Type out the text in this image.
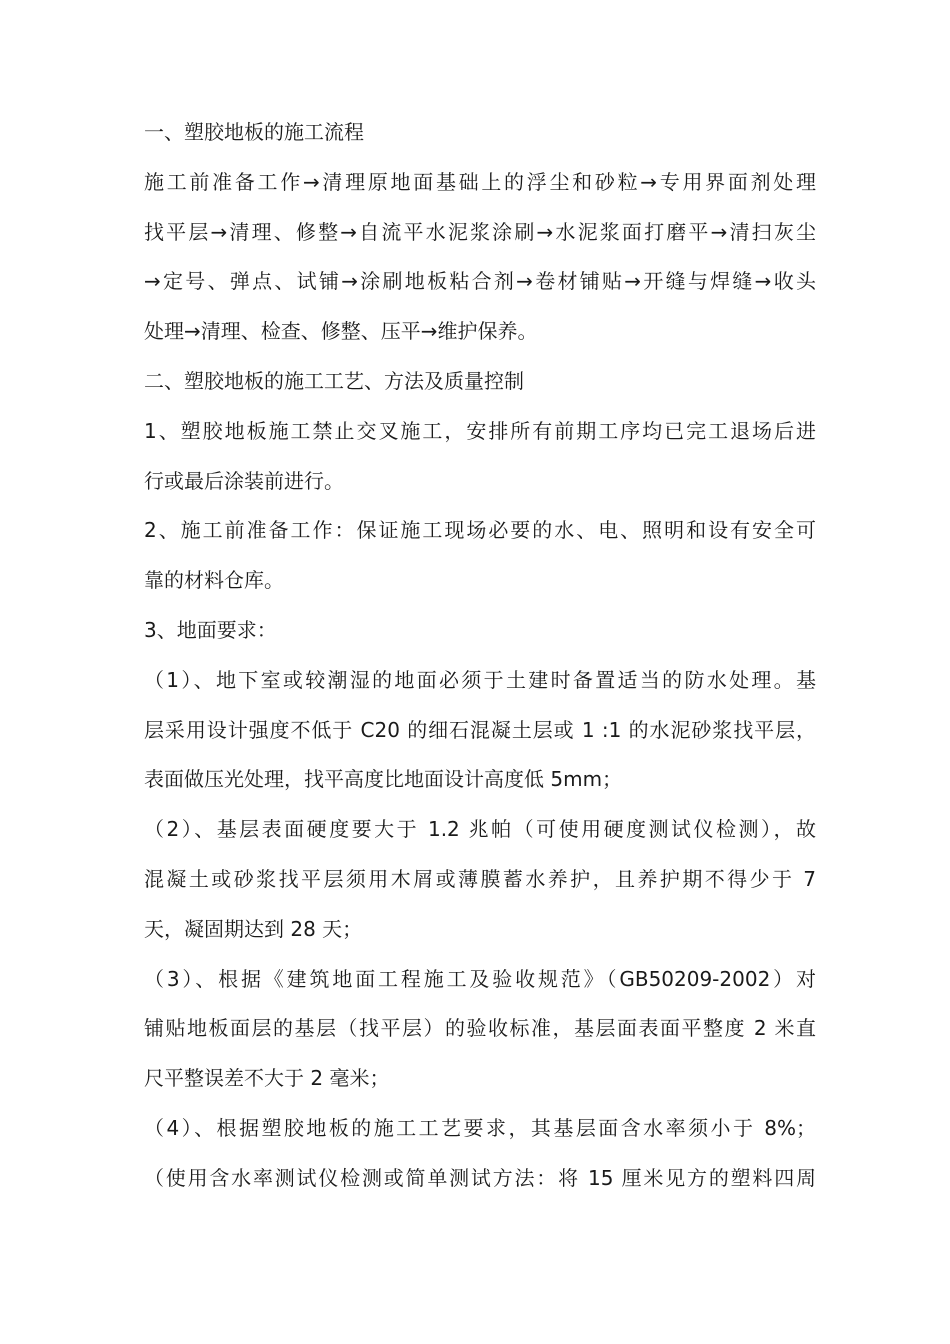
一、塑胶地板的施工流程
施工前准备工作→清理原地面基础上的浮尘和砂粒→专用界面剂处理
找平层→清理、修整→自流平水泥浆涂刷→水泥浆面打磨平→清扫灰尘
→定号、弹点、试铺→涂刷地板粘合剂→卷材铺贴→开缝与焊缝→收头
处理→清理、检查、修整、压平→维护保养。
二、塑胶地板的施工工艺、方法及质量控制
1、塑胶地板施工禁止交叉施工，安排所有前期工序均已完工退场后进
行或最后涂装前进行。
2、施工前准备工作：保证施工现场必要的水、电、照明和设有安全可
靠的材料仓库。
3、地面要求：
（1）、地下室或较潮湿的地面必须于土建时备置适当的防水处理。基
层采用设计强度不低于 C20 的细石混凝土层或 1 :1 的水泥砂浆找平层，
表面做压光处理，找平高度比地面设计高度低 5mm；
（2）、基层表面硬度要大于 1.2 兆帕（可使用硬度测试仪检测），故
混凝土或砂浆找平层须用木屑或薄膜蓄水养护，且养护期不得少于 7
天，凝固期达到 28 天；
（3）、根据《建筑地面工程施工及验收规范》（GB50209-2002）对
铺贴地板面层的基层（找平层）的验收标准，基层面表面平整度 2 米直
尺平整误差不大于 2 毫米；
（4）、根据塑胶地板的施工工艺要求，其基层面含水率须小于 8%；
（使用含水率测试仪检测或简单测试方法：将 15 厘米见方的塑料四周
